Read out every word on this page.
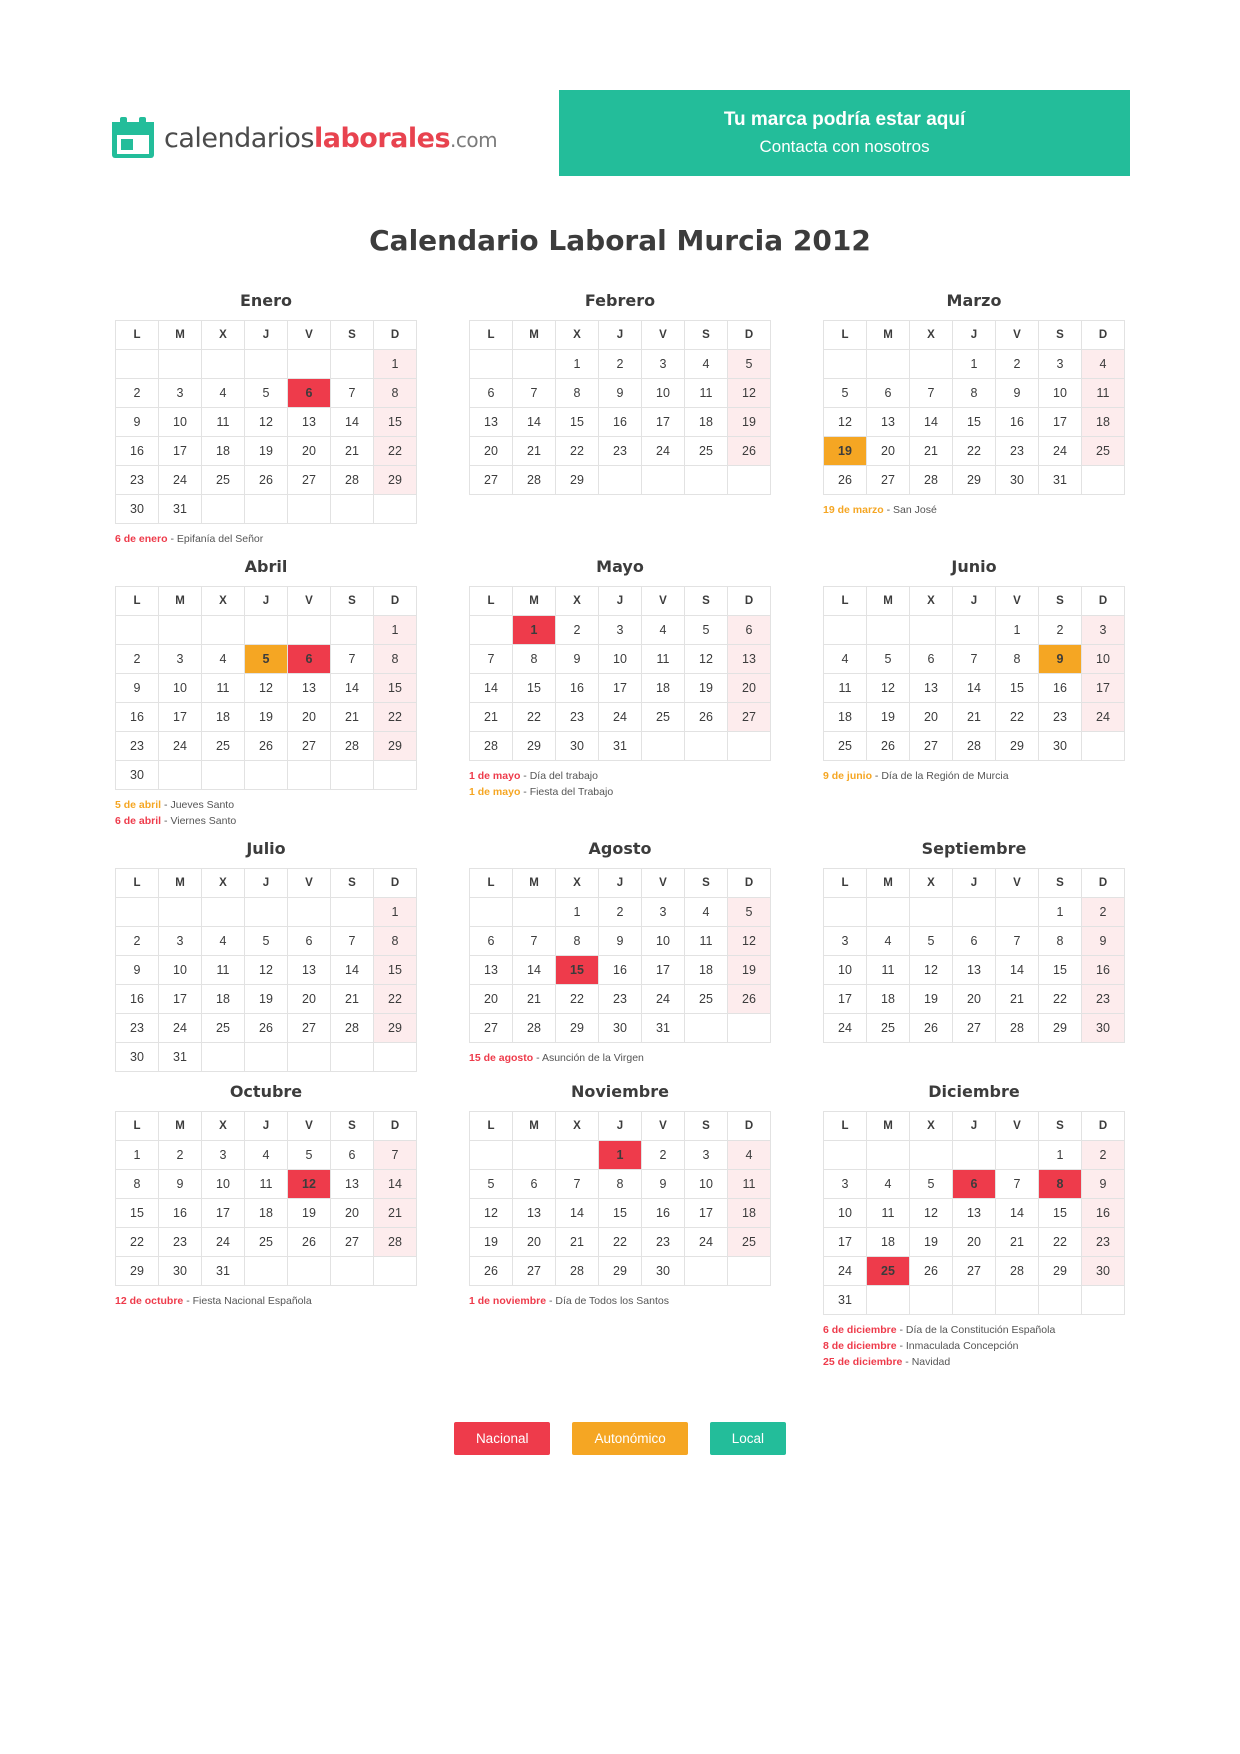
calendarioslaborales.com
Tu marca podría estar aquí
Contacta con nosotros
Calendario Laboral Murcia 2012
Enero
L	M	X	J	V	S	D
						1
2	3	4	5	6	7	8
9	10	11	12	13	14	15
16	17	18	19	20	21	22
23	24	25	26	27	28	29
30	31					
6 de enero - Epifanía del Señor
Febrero
L	M	X	J	V	S	D
		1	2	3	4	5
6	7	8	9	10	11	12
13	14	15	16	17	18	19
20	21	22	23	24	25	26
27	28	29				
Marzo
L	M	X	J	V	S	D
			1	2	3	4
5	6	7	8	9	10	11
12	13	14	15	16	17	18
19	20	21	22	23	24	25
26	27	28	29	30	31	
19 de marzo - San José
Abril
L	M	X	J	V	S	D
						1
2	3	4	5	6	7	8
9	10	11	12	13	14	15
16	17	18	19	20	21	22
23	24	25	26	27	28	29
30						
5 de abril - Jueves Santo
6 de abril - Viernes Santo
Mayo
L	M	X	J	V	S	D
	1	2	3	4	5	6
7	8	9	10	11	12	13
14	15	16	17	18	19	20
21	22	23	24	25	26	27
28	29	30	31			
1 de mayo - Día del trabajo
1 de mayo - Fiesta del Trabajo
Junio
L	M	X	J	V	S	D
				1	2	3
4	5	6	7	8	9	10
11	12	13	14	15	16	17
18	19	20	21	22	23	24
25	26	27	28	29	30	
9 de junio - Día de la Región de Murcia
Julio
L	M	X	J	V	S	D
						1
2	3	4	5	6	7	8
9	10	11	12	13	14	15
16	17	18	19	20	21	22
23	24	25	26	27	28	29
30	31					
Agosto
L	M	X	J	V	S	D
		1	2	3	4	5
6	7	8	9	10	11	12
13	14	15	16	17	18	19
20	21	22	23	24	25	26
27	28	29	30	31		
15 de agosto - Asunción de la Virgen
Septiembre
L	M	X	J	V	S	D
					1	2
3	4	5	6	7	8	9
10	11	12	13	14	15	16
17	18	19	20	21	22	23
24	25	26	27	28	29	30
Octubre
L	M	X	J	V	S	D
1	2	3	4	5	6	7
8	9	10	11	12	13	14
15	16	17	18	19	20	21
22	23	24	25	26	27	28
29	30	31				
12 de octubre - Fiesta Nacional Española
Noviembre
L	M	X	J	V	S	D
			1	2	3	4
5	6	7	8	9	10	11
12	13	14	15	16	17	18
19	20	21	22	23	24	25
26	27	28	29	30		
1 de noviembre - Día de Todos los Santos
Diciembre
L	M	X	J	V	S	D
					1	2
3	4	5	6	7	8	9
10	11	12	13	14	15	16
17	18	19	20	21	22	23
24	25	26	27	28	29	30
31						
6 de diciembre - Día de la Constitución Española
8 de diciembre - Inmaculada Concepción
25 de diciembre - Navidad
Nacional	Autonómico	Local
